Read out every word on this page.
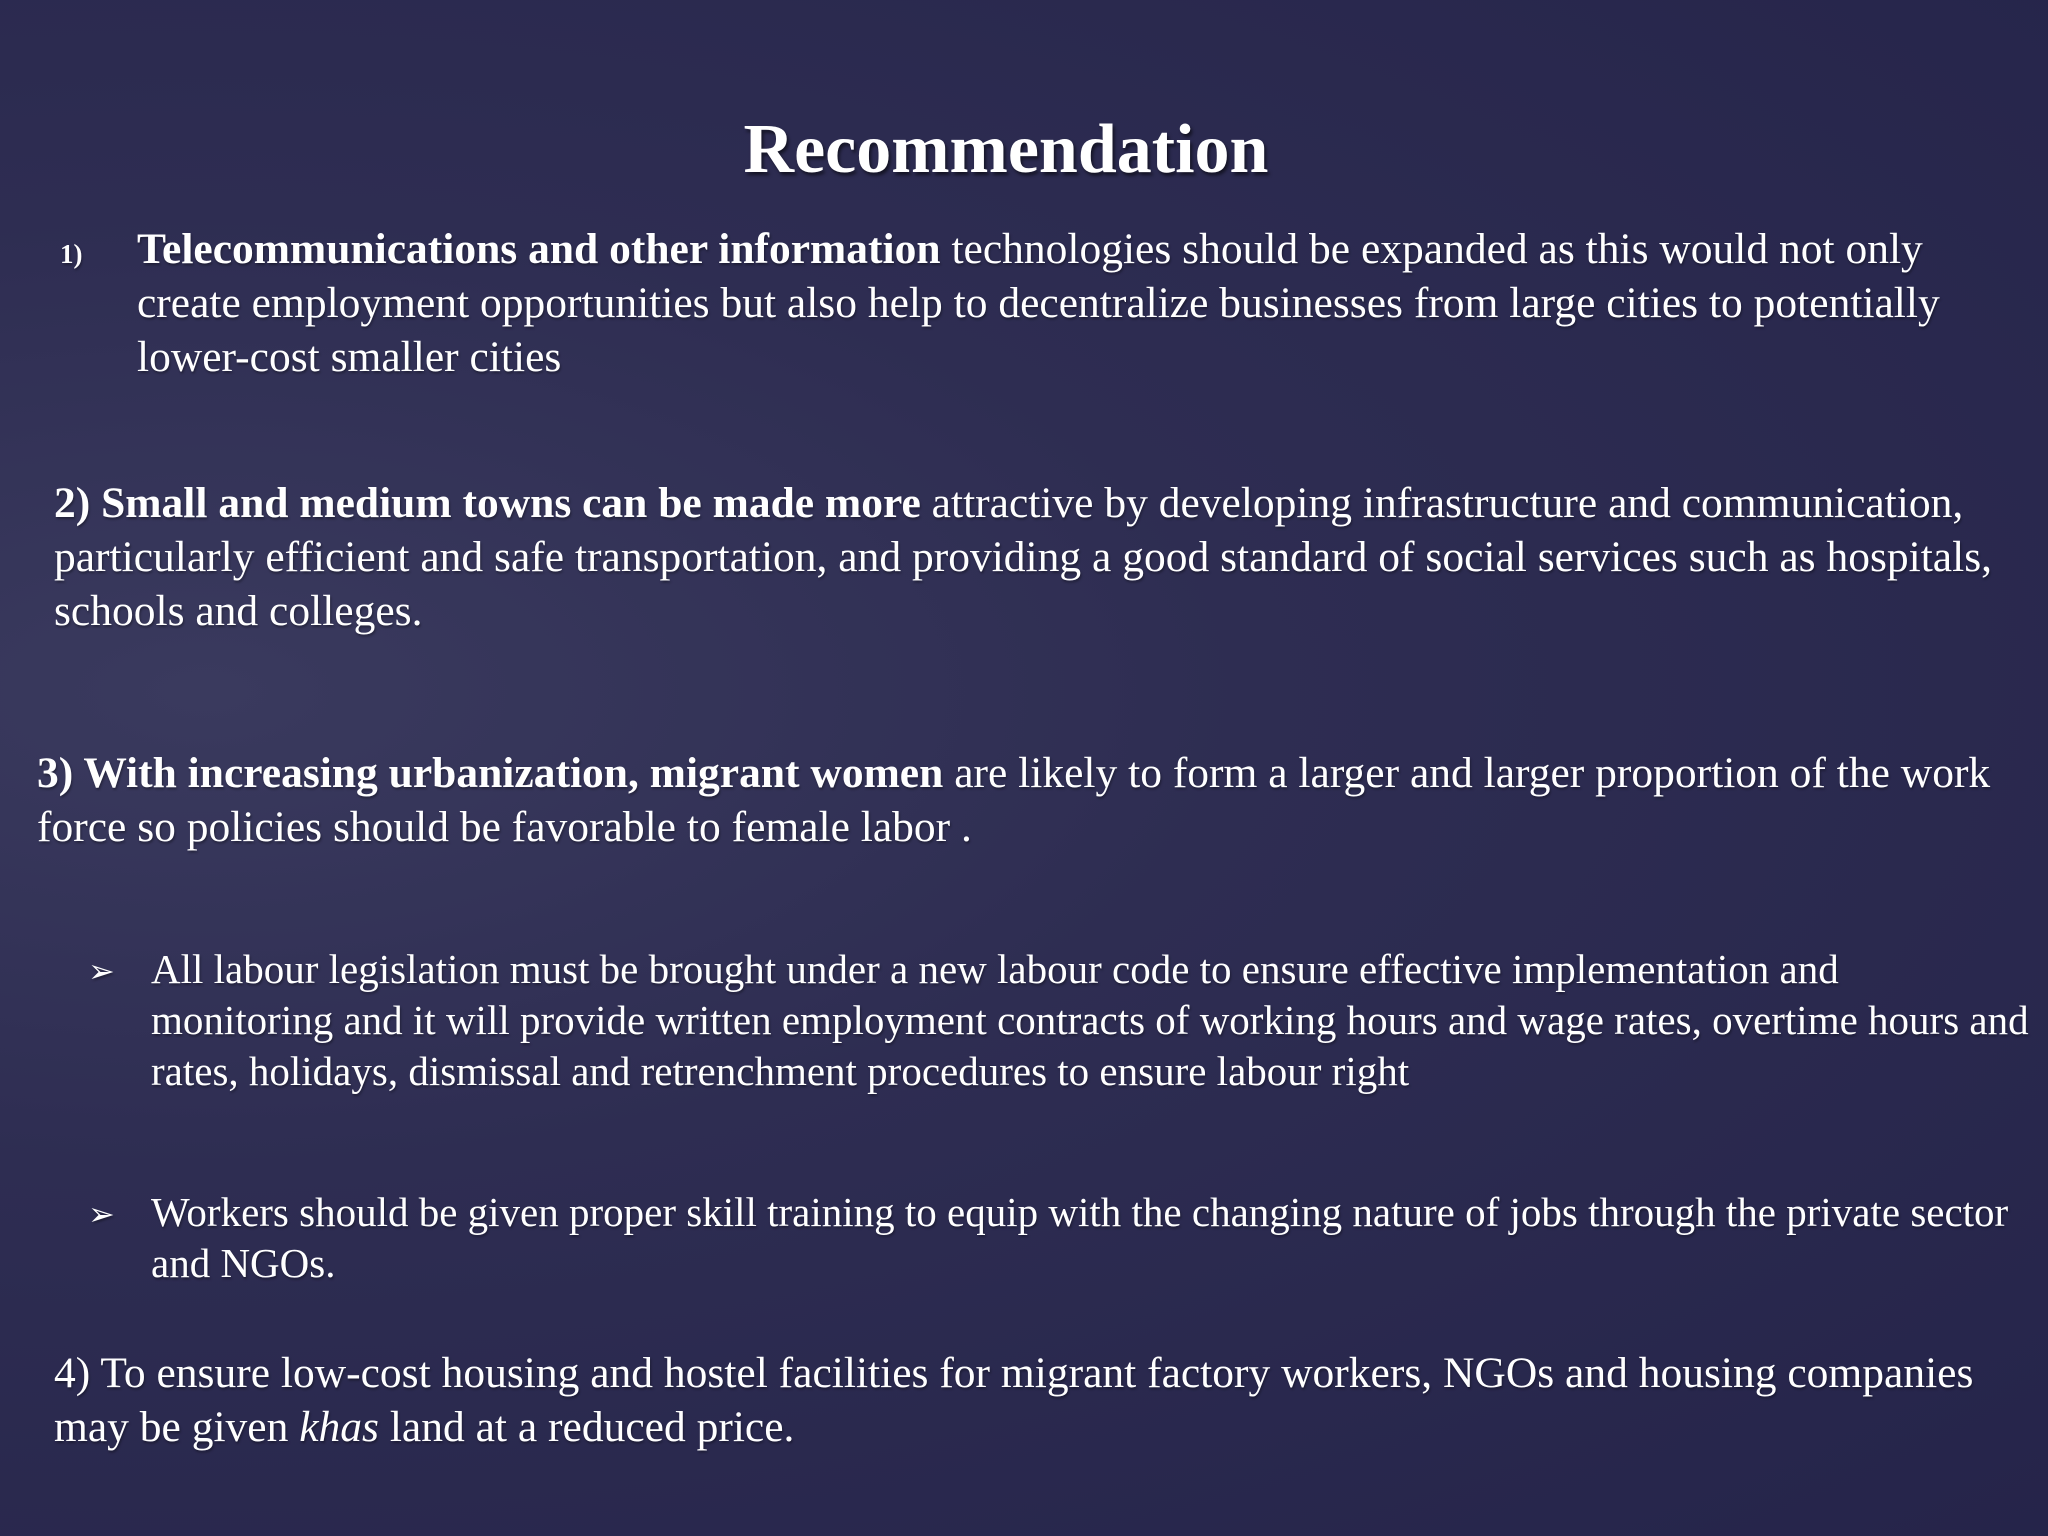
Recommendation
1) Telecommunications and other information technologies should be expanded as this would not only create employment opportunities but also help to decentralize businesses from large cities to potentially lower-cost smaller cities
2) Small and medium towns can be made more attractive by developing infrastructure and communication, particularly efficient and safe transportation, and providing a good standard of social services such as hospitals, schools and colleges.
3) With increasing urbanization, migrant women are likely to form a larger and larger proportion of the work force so policies should be favorable to female labor .
➢ All labour legislation must be brought under a new labour code to ensure effective implementation and monitoring and it will provide written employment contracts of working hours and wage rates, overtime hours and rates, holidays, dismissal and retrenchment procedures to ensure labour right
➢ Workers should be given proper skill training to equip with the changing nature of jobs through the private sector and NGOs.
4) To ensure low-cost housing and hostel facilities for migrant factory workers, NGOs and housing companies may be given khas land at a reduced price.
